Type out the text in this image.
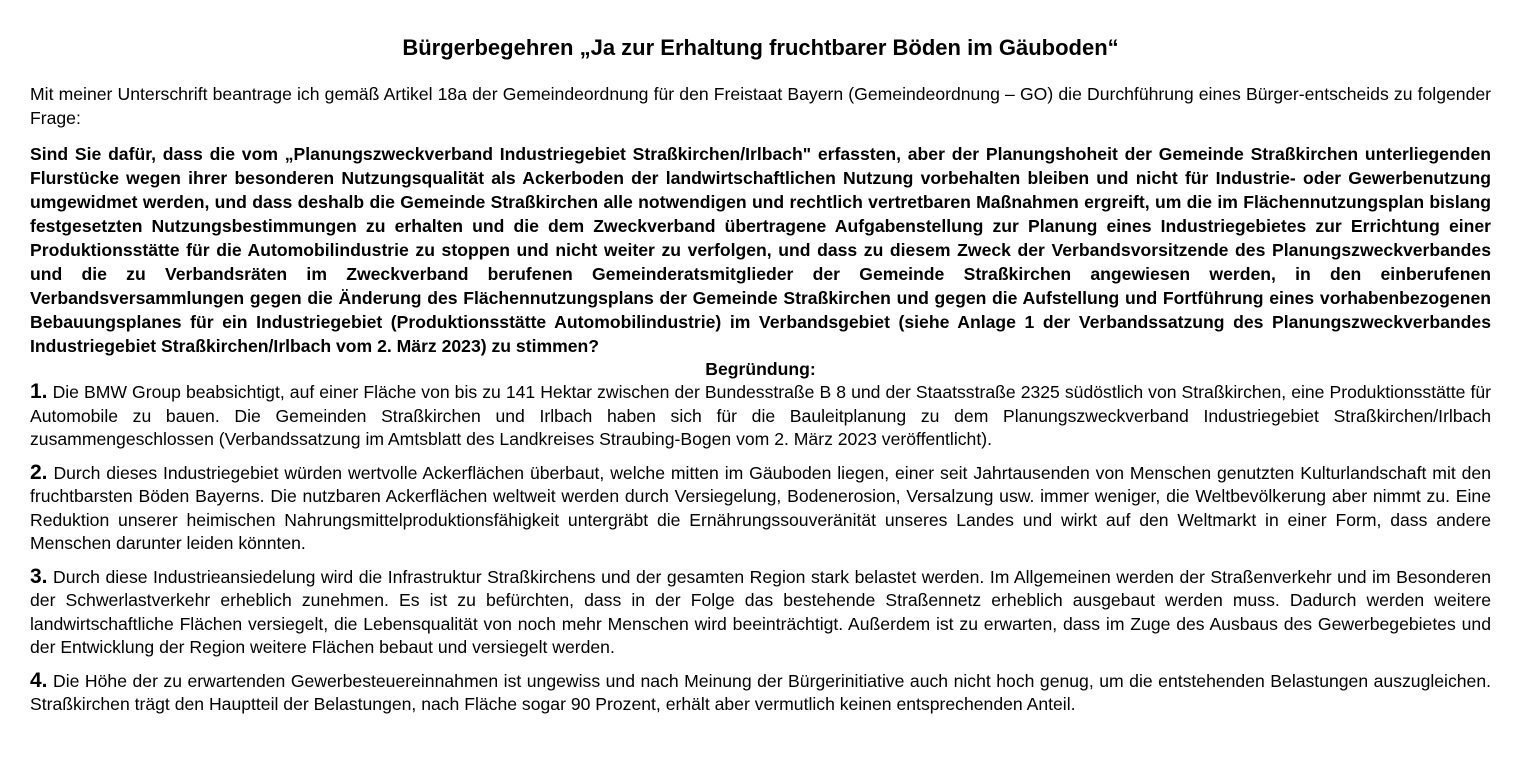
Bürgerbegehren „Ja zur Erhaltung fruchtbarer Böden im Gäuboden“

Mit meiner Unterschrift beantrage ich gemäß Artikel 18a der Gemeindeordnung für den Freistaat Bayern (Gemeindeordnung – GO) die Durchführung eines Bürger-entscheids zu folgender Frage:

Sind Sie dafür, dass die vom „Planungszweckverband Industriegebiet Straßkirchen/Irlbach" erfassten, aber der Planungshoheit der Gemeinde Straßkirchen unterliegenden Flurstücke wegen ihrer besonderen Nutzungsqualität als Ackerboden der landwirtschaftlichen Nutzung vorbehalten bleiben und nicht für Industrie- oder Gewerbenutzung umgewidmet werden, und dass deshalb die Gemeinde Straßkirchen alle notwendigen und rechtlich vertretbaren Maßnahmen ergreift, um die im Flächennutzungsplan bislang festgesetzten Nutzungsbestimmungen zu erhalten und die dem Zweckverband übertragene Aufgabenstellung zur Planung eines Industriegebietes zur Errichtung einer Produktionsstätte für die Automobilindustrie zu stoppen und nicht weiter zu verfolgen, und dass zu diesem Zweck der Verbandsvorsitzende des Planungszweckverbandes und die zu Verbandsräten im Zweckverband berufenen Gemeinderatsmitglieder der Gemeinde Straßkirchen angewiesen werden, in den einberufenen Verbandsversammlungen gegen die Änderung des Flächennutzungsplans der Gemeinde Straßkirchen und gegen die Aufstellung und Fortführung eines vorhabenbezogenen Bebauungsplanes für ein Industriegebiet (Produktionsstätte Automobilindustrie) im Verbandsgebiet (siehe Anlage 1 der Verbandssatzung des Planungszweckverbandes Industriegebiet Straßkirchen/Irlbach vom 2. März 2023) zu stimmen?

Begründung:

1. Die BMW Group beabsichtigt, auf einer Fläche von bis zu 141 Hektar zwischen der Bundesstraße B 8 und der Staatsstraße 2325 südöstlich von Straßkirchen, eine Produktionsstätte für Automobile zu bauen. Die Gemeinden Straßkirchen und Irlbach haben sich für die Bauleitplanung zu dem Planungszweckverband Industriegebiet Straßkirchen/Irlbach zusammengeschlossen (Verbandssatzung im Amtsblatt des Landkreises Straubing-Bogen vom 2. März 2023 veröffentlicht).

2. Durch dieses Industriegebiet würden wertvolle Ackerflächen überbaut, welche mitten im Gäuboden liegen, einer seit Jahrtausenden von Menschen genutzten Kulturlandschaft mit den fruchtbarsten Böden Bayerns. Die nutzbaren Ackerflächen weltweit werden durch Versiegelung, Bodenerosion, Versalzung usw. immer weniger, die Weltbevölkerung aber nimmt zu. Eine Reduktion unserer heimischen Nahrungsmittelproduktionsfähigkeit untergräbt die Ernährungssouveränität unseres Landes und wirkt auf den Weltmarkt in einer Form, dass andere Menschen darunter leiden könnten.

3. Durch diese Industrieansiedelung wird die Infrastruktur Straßkirchens und der gesamten Region stark belastet werden. Im Allgemeinen werden der Straßenverkehr und im Besonderen der Schwerlastverkehr erheblich zunehmen. Es ist zu befürchten, dass in der Folge das bestehende Straßennetz erheblich ausgebaut werden muss. Dadurch werden weitere landwirtschaftliche Flächen versiegelt, die Lebensqualität von noch mehr Menschen wird beeinträchtigt. Außerdem ist zu erwarten, dass im Zuge des Ausbaus des Gewerbegebietes und der Entwicklung der Region weitere Flächen bebaut und versiegelt werden.

4. Die Höhe der zu erwartenden Gewerbesteuereinnahmen ist ungewiss und nach Meinung der Bürgerinitiative auch nicht hoch genug, um die entstehenden Belastungen auszugleichen. Straßkirchen trägt den Hauptteil der Belastungen, nach Fläche sogar 90 Prozent, erhält aber vermutlich keinen entsprechenden Anteil.
